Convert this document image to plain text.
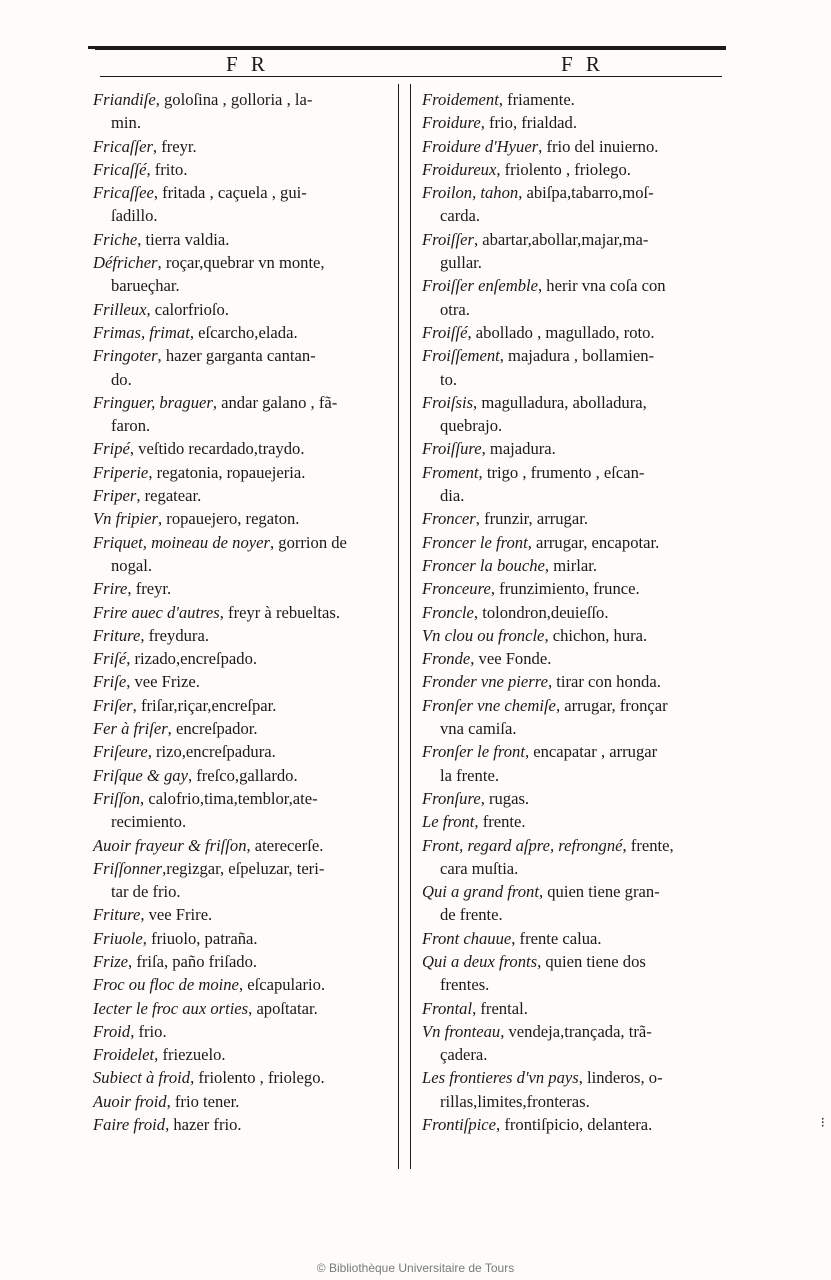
F R	F R
Friandiſe, goloſina , golloria , la-
min.
Fricaſſer, freyr.
Fricaſſé, frito.
Fricaſſee, fritada , caçuela , gui-
ſadillo.
Friche, tierra valdia.
Défricher, roçar,quebrar vn monte,
barueçhar.
Frilleux, calorfrioſo.
Frimas, frimat, eſcarcho,elada.
Fringoter, hazer garganta cantan-
do.
Fringuer, braguer, andar galano , fã-
faron.
Fripé, veſtido recardado,traydo.
Friperie, regatonia, ropauejeria.
Friper, regatear.
Vn fripier, ropauejero, regaton.
Friquet, moineau de noyer, gorrion de
nogal.
Frire, freyr.
Frire auec d'autres, freyr à rebueltas.
Friture, freydura.
Friſé, rizado,encreſpado.
Friſe, vee Frize.
Friſer, friſar,riçar,encreſpar.
Fer à friſer, encreſpador.
Friſeure, rizo,encreſpadura.
Friſque & gay, freſco,gallardo.
Friſſon, calofrio,tima,temblor,ate-
recimiento.
Auoir frayeur & friſſon, aterecerſe.
Friſſonner,regizgar, eſpeluzar, teri-
tar de frio.
Friture, vee Frire.
Friuole, friuolo, patraña.
Frize, friſa, paño friſado.
Froc ou floc de moine, eſcapulario.
Iecter le froc aux orties, apoſtatar.
Froid, frio.
Froidelet, friezuelo.
Subiect à froid, friolento , friolego.
Auoir froid, frio tener.
Faire froid, hazer frio.
Froidement, friamente.
Froidure, frio, frialdad.
Froidure d'Hyuer, frio del inuierno.
Froidureux, friolento , friolego.
Froilon, tahon, abiſpa,tabarro,moſ-
carda.
Froiſſer, abartar,abollar,majar,ma-
gullar.
Froiſſer enſemble, herir vna coſa con
otra.
Froiſſé, abollado , magullado, roto.
Froiſſement, majadura , bollamien-
to.
Froiſsis, magulladura, abolladura,
quebrajo.
Froiſſure, majadura.
Froment, trigo , frumento , eſcan-
dia.
Froncer, frunzir, arrugar.
Froncer le front, arrugar, encapotar.
Froncer la bouche, mirlar.
Fronceure, frunzimiento, frunce.
Froncle, tolondron,deuieſſo.
Vn clou ou froncle, chichon, hura.
Fronde, vee Fonde.
Fronder vne pierre, tirar con honda.
Fronſer vne chemiſe, arrugar, fronçar
vna camiſa.
Fronſer le front, encapatar , arrugar
la frente.
Fronſure, rugas.
Le front, frente.
Front, regard aſpre, refrongné, frente,
cara muſtia.
Qui a grand front, quien tiene gran-
de frente.
Front chauue, frente calua.
Qui a deux fronts, quien tiene dos
frentes.
Frontal, frental.
Vn fronteau, vendeja,trançada, trã-
çadera.
Les frontieres d'vn pays, linderos, o-
rillas,limites,fronteras.
Frontiſpice, frontiſpicio, delantera.	⁝
© Bibliothèque Universitaire de Tours
